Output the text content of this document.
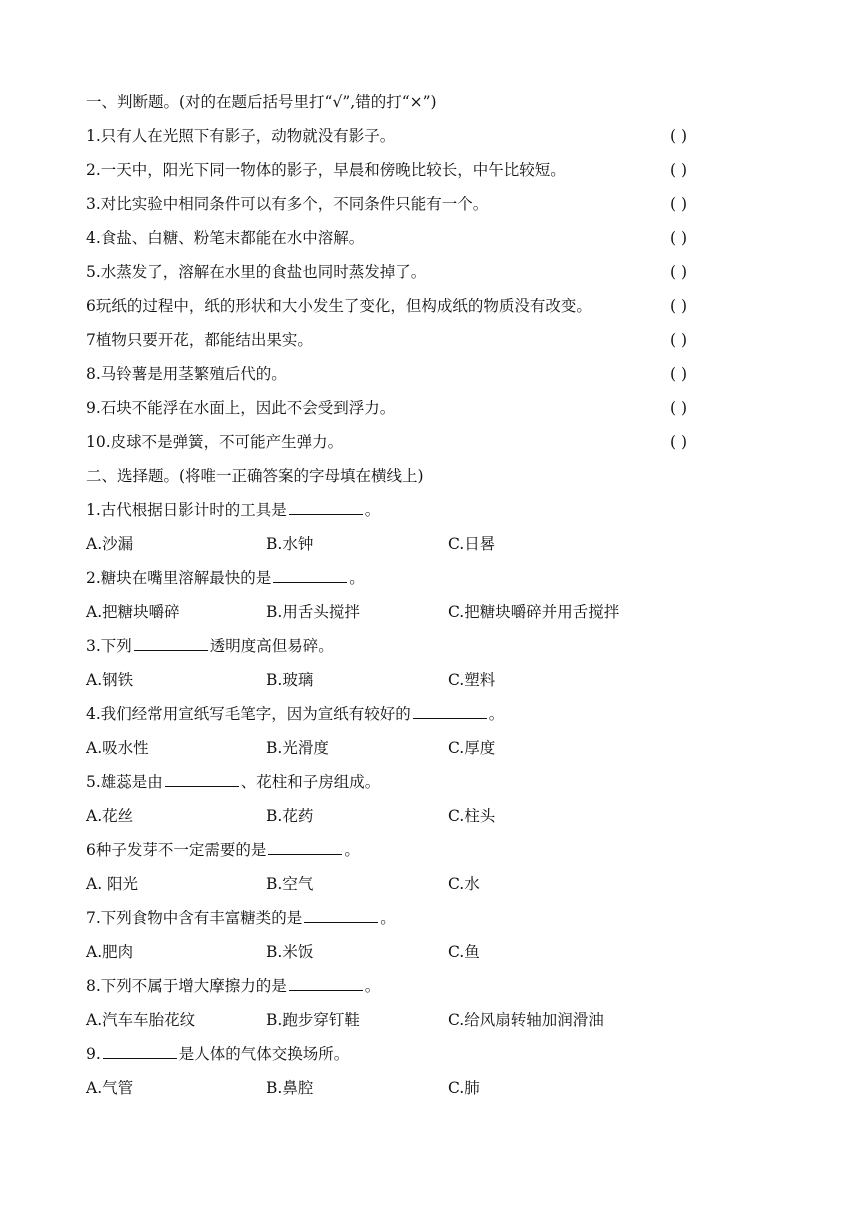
一、判断题。(对的在题后括号里打“√”,错的打“×”)
1.只有人在光照下有影子，动物就没有影子。	( )
2.一天中，阳光下同一物体的影子，早晨和傍晚比较长，中午比较短。	( )
3.对比实验中相同条件可以有多个，不同条件只能有一个。	( )
4.食盐、白糖、粉笔末都能在水中溶解。	( )
5.水蒸发了，溶解在水里的食盐也同时蒸发掉了。	( )
6玩纸的过程中，纸的形状和大小发生了变化，但构成纸的物质没有改变。	( )
7植物只要开花，都能结出果实。	( )
8.马铃薯是用茎繁殖后代的。	( )
9.石块不能浮在水面上，因此不会受到浮力。	( )
10.皮球不是弹簧，不可能产生弹力。	( )
二、选择题。(将唯一正确答案的字母填在横线上)
1.古代根据日影计时的工具是	。
A.沙漏	B.水钟	C.日晷
2.糖块在嘴里溶解最快的是	。
A.把糖块嚼碎	B.用舌头搅拌	C.把糖块嚼碎并用舌搅拌
3.下列	透明度高但易碎。
A.钢铁	B.玻璃	C.塑料
4.我们经常用宣纸写毛笔字，因为宣纸有较好的	。
A.吸水性	B.光滑度	C.厚度
5.雄蕊是由	、花柱和子房组成。
A.花丝	B.花药	C.柱头
6种子发芽不一定需要的是	。
A. 阳光	B.空气	C.水
7.下列食物中含有丰富糖类的是	。
A.肥肉	B.米饭	C.鱼
8.下列不属于增大摩擦力的是	。
A.汽车车胎花纹	B.跑步穿钉鞋	C.给风扇转轴加润滑油
9.	是人体的气体交换场所。
A.气管	B.鼻腔	C.肺
